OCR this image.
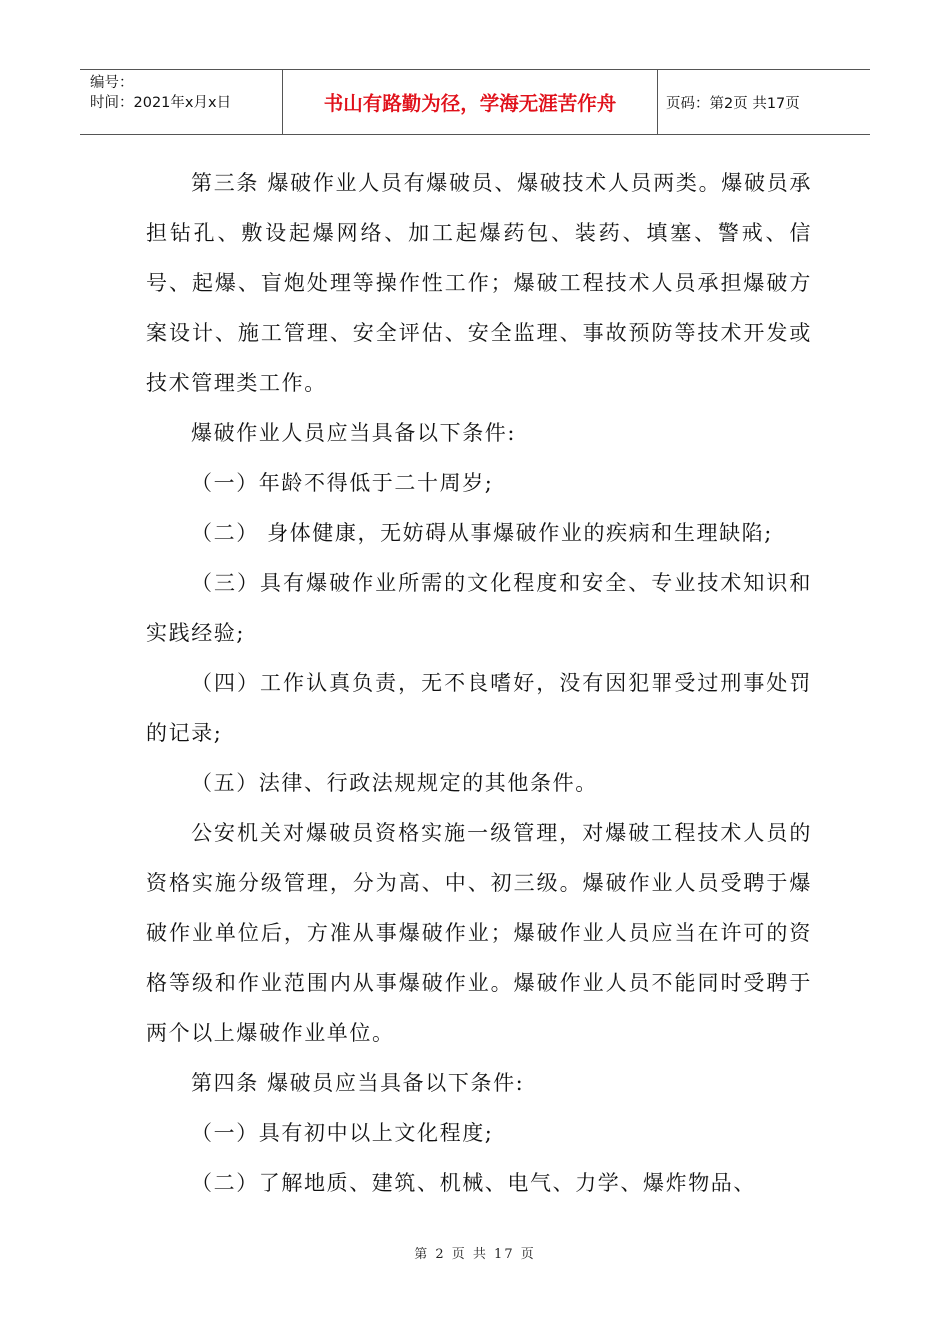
编号：
时间：2021年x月x日	书山有路勤为径，学海无涯苦作舟	页码：第2页 共17页

第三条 爆破作业人员有爆破员、爆破技术人员两类。爆破员承担钻孔、敷设起爆网络、加工起爆药包、装药、填塞、警戒、信号、起爆、盲炮处理等操作性工作；爆破工程技术人员承担爆破方案设计、施工管理、安全评估、安全监理、事故预防等技术开发或技术管理类工作。

爆破作业人员应当具备以下条件:

（一）年龄不得低于二十周岁;

（二） 身体健康，无妨碍从事爆破作业的疾病和生理缺陷;

（三）具有爆破作业所需的文化程度和安全、专业技术知识和实践经验;

（四）工作认真负责，无不良嗜好，没有因犯罪受过刑事处罚的记录;

（五）法律、行政法规规定的其他条件。

公安机关对爆破员资格实施一级管理，对爆破工程技术人员的资格实施分级管理，分为高、中、初三级。爆破作业人员受聘于爆破作业单位后，方准从事爆破作业；爆破作业人员应当在许可的资格等级和作业范围内从事爆破作业。爆破作业人员不能同时受聘于两个以上爆破作业单位。

第四条 爆破员应当具备以下条件:

（一）具有初中以上文化程度;

（二）了解地质、建筑、机械、电气、力学、爆炸物品、

第 2 页 共 17 页
